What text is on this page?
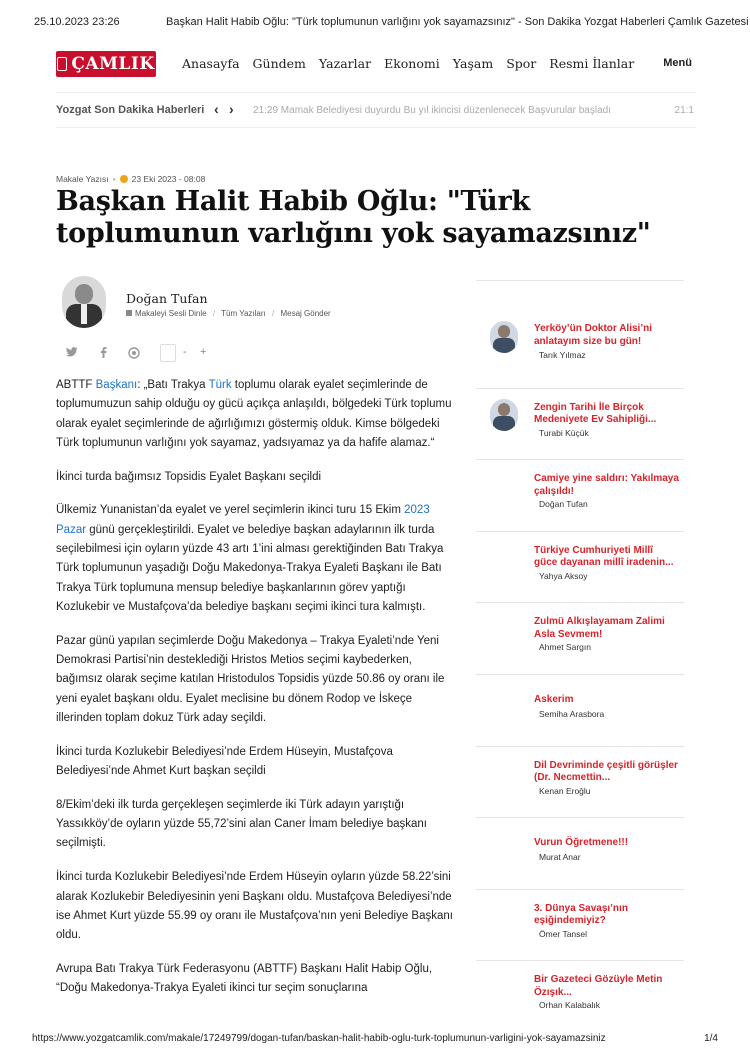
25.10.2023 23:26	Başkan Halit Habib Oğlu: "Türk toplumunun varlığını yok sayamazsınız" - Son Dakika Yozgat Haberleri Çamlık Gazetesi
ÇAMLIK Anasayfa Gündem Yazarlar Ekonomi Yaşam Spor Resmi İlanlar	Menü
Yozgat Son Dakika Haberleri ‹ › 21:29 Mamak Belediyesi duyurdu Bu yıl ikincisi düzenlenecek Başvurular başladı	21:1
Makale Yazısı • 23 Eki 2023 - 08:08
Başkan Halit Habib Oğlu: "Türk toplumunun varlığını yok sayamazsınız"
Doğan Tufan
Makaleyi Sesli Dinle / Tüm Yazıları / Mesaj Gönder
- +

ABTTF Başkanı: „Batı Trakya Türk toplumu olarak eyalet seçimlerinde de toplumumuzun sahip olduğu oy gücü açıkça anlaşıldı, bölgedeki Türk toplumu olarak eyalet seçimlerinde de ağırlığımızı göstermiş olduk. Kimse bölgedeki Türk toplumunun varlığını yok sayamaz, yadsıyamaz ya da hafife alamaz.“

İkinci turda bağımsız Topsidis Eyalet Başkanı seçildi

Ülkemiz Yunanistan’da eyalet ve yerel seçimlerin ikinci turu 15 Ekim 2023 Pazar günü gerçekleştirildi. Eyalet ve belediye başkan adaylarının ilk turda seçilebilmesi için oyların yüzde 43 artı 1’ini alması gerektiğinden Batı Trakya Türk toplumunun yaşadığı Doğu Makedonya-Trakya Eyaleti Başkanı ile Batı Trakya Türk toplumuna mensup belediye başkanlarının görev yaptığı Kozlukebir ve Mustafçova’da belediye başkanı seçimi ikinci tura kalmıştı.

Pazar günü yapılan seçimlerde Doğu Makedonya – Trakya Eyaleti’nde Yeni Demokrasi Partisi’nin desteklediği Hristos Metios seçimi kaybederken, bağımsız olarak seçime katılan Hristodulos Topsidis yüzde 50.86 oy oranı ile yeni eyalet başkanı oldu. Eyalet meclisine bu dönem Rodop ve İskeçe illerinden toplam dokuz Türk aday seçildi.

İkinci turda Kozlukebir Belediyesi’nde Erdem Hüseyin, Mustafçova Belediyesi’nde Ahmet Kurt başkan seçildi

8/Ekim’deki ilk turda gerçekleşen seçimlerde iki Türk adayın yarıştığı Yassıkköy’de oyların yüzde 55,72’sini alan Caner İmam belediye başkanı seçilmişti.

İkinci turda Kozlukebir Belediyesi’nde Erdem Hüseyin oyların yüzde 58.22’sini alarak Kozlukebir Belediyesinin yeni Başkanı oldu. Mustafçova Belediyesi’nde ise Ahmet Kurt yüzde 55.99 oy oranı ile Mustafçova’nın yeni Belediye Başkanı oldu.

Avrupa Batı Trakya Türk Federasyonu (ABTTF) Başkanı Halit Habip Oğlu, “Doğu Makedonya-Trakya Eyaleti ikinci tur seçim sonuçlarına

Yerköy’ün Doktor Alisi’ni anlatayım size bu gün!
Tarık Yılmaz
Zengin Tarihi İle Birçok Medeniyete Ev Sahipliği...
Turabi Küçük
Camiye yine saldırı: Yakılmaya çalışıldı!
Doğan Tufan
Türkiye Cumhuriyeti Millî güce dayanan millî iradenin...
Yahya Aksoy
Zulmü Alkışlayamam Zalimi Asla Sevmem!
Ahmet Sargın
Askerim
Semiha Arasbora
Dil Devriminde çeşitli görüşler (Dr. Necmettin...
Kenan Eroğlu
Vurun Öğretmene!!!
Murat Anar
3. Dünya Savaşı’nın eşiğindemiyiz?
Ömer Tansel
Bir Gazeteci Gözüyle Metin Özışık...
Orhan Kalabalık
https://www.yozgatcamlik.com/makale/17249799/dogan-tufan/baskan-halit-habib-oglu-turk-toplumunun-varligini-yok-sayamazsiniz	1/4
